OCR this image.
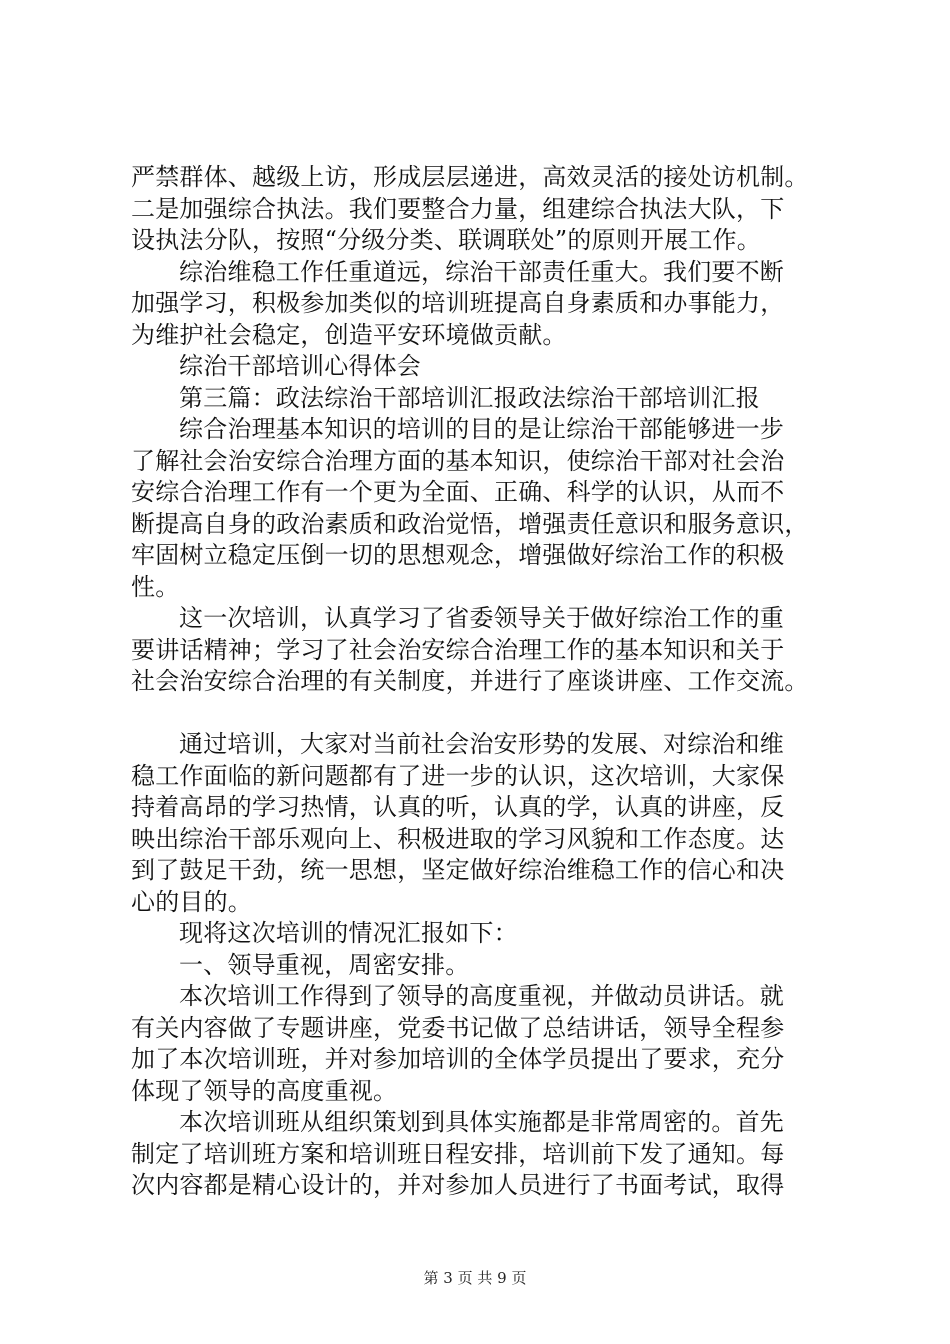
严禁群体、越级上访，形成层层递进，高效灵活的接处访机制。
二是加强综合执法。我们要整合力量，组建综合执法大队，下
设执法分队，按照“分级分类、联调联处”的原则开展工作。
综治维稳工作任重道远，综治干部责任重大。我们要不断
加强学习，积极参加类似的培训班提高自身素质和办事能力，
为维护社会稳定，创造平安环境做贡献。
综治干部培训心得体会
第三篇：政法综治干部培训汇报政法综治干部培训汇报
综合治理基本知识的培训的目的是让综治干部能够进一步
了解社会治安综合治理方面的基本知识，使综治干部对社会治
安综合治理工作有一个更为全面、正确、科学的认识，从而不
断提高自身的政治素质和政治觉悟，增强责任意识和服务意识，
牢固树立稳定压倒一切的思想观念，增强做好综治工作的积极
性。
这一次培训，认真学习了省委领导关于做好综治工作的重
要讲话精神；学习了社会治安综合治理工作的基本知识和关于
社会治安综合治理的有关制度，并进行了座谈讲座、工作交流。
通过培训，大家对当前社会治安形势的发展、对综治和维
稳工作面临的新问题都有了进一步的认识，这次培训，大家保
持着高昂的学习热情，认真的听，认真的学，认真的讲座，反
映出综治干部乐观向上、积极进取的学习风貌和工作态度。达
到了鼓足干劲，统一思想，坚定做好综治维稳工作的信心和决
心的目的。
现将这次培训的情况汇报如下：
一、领导重视，周密安排。
本次培训工作得到了领导的高度重视，并做动员讲话。就
有关内容做了专题讲座，党委书记做了总结讲话，领导全程参
加了本次培训班，并对参加培训的全体学员提出了要求，充分
体现了领导的高度重视。
本次培训班从组织策划到具体实施都是非常周密的。首先
制定了培训班方案和培训班日程安排，培训前下发了通知。每
次内容都是精心设计的，并对参加人员进行了书面考试，取得
第 3 页 共 9 页
